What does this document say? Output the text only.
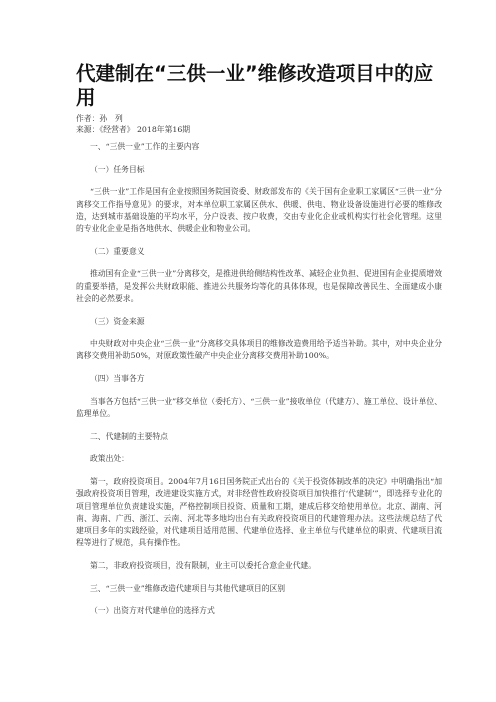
代建制在“三供一业”维修改造项目中的应用
作者：孙　列
来源：《经营者》 2018年第16期

一、“三供一业”工作的主要内容

（一）任务目标

“三供一业”工作是国有企业按照国务院国资委、财政部发布的《关于国有企业职工家属区“三供一业”分离移交工作指导意见》的要求，对本单位职工家属区供水、供暖、供电、物业设备设施进行必要的维修改造，达到城市基础设施的平均水平，分户设表、按户收费，交由专业化企业或机构实行社会化管理。这里的专业化企业是指各地供水、供暖企业和物业公司。

（二）重要意义

推动国有企业“三供一业”分离移交，是推进供给侧结构性改革、减轻企业负担、促进国有企业提质增效的重要举措，是发挥公共财政职能、推进公共服务均等化的具体体现，也是保障改善民生、全面建成小康社会的必然要求。

（三）资金来源

中央财政对中央企业“三供一业”分离移交具体项目的维修改造费用给予适当补助。其中，对中央企业分离移交费用补助50%，对原政策性破产中央企业分离移交费用补助100%。

（四）当事各方

当事各方包括“三供一业”移交单位（委托方）、“三供一业”接收单位（代建方）、施工单位、设计单位、监理单位。

二、代建制的主要特点

政策出处：

第一，政府投资项目。2004年7月16日国务院正式出台的《关于投资体制改革的决定》中明确指出“加强政府投资项目管理，改进建设实施方式，对非经营性政府投资项目加快推行‘代建制’”，即选择专业化的项目管理单位负责建设实施，严格控制项目投资、质量和工期，建成后移交给使用单位。北京、湖南、河南、海南、广西、浙江、云南、河北等多地均出台有关政府投资项目的代建管理办法。这些法规总结了代建项目多年的实践经验，对代建项目适用范围、代建单位选择、业主单位与代建单位的职责、代建项目流程等进行了规范，具有操作性。

第二，非政府投资项目，没有限制，业主可以委托合意企业代建。

三、“三供一业”维修改造代建项目与其他代建项目的区别

（一）出资方对代建单位的选择方式
